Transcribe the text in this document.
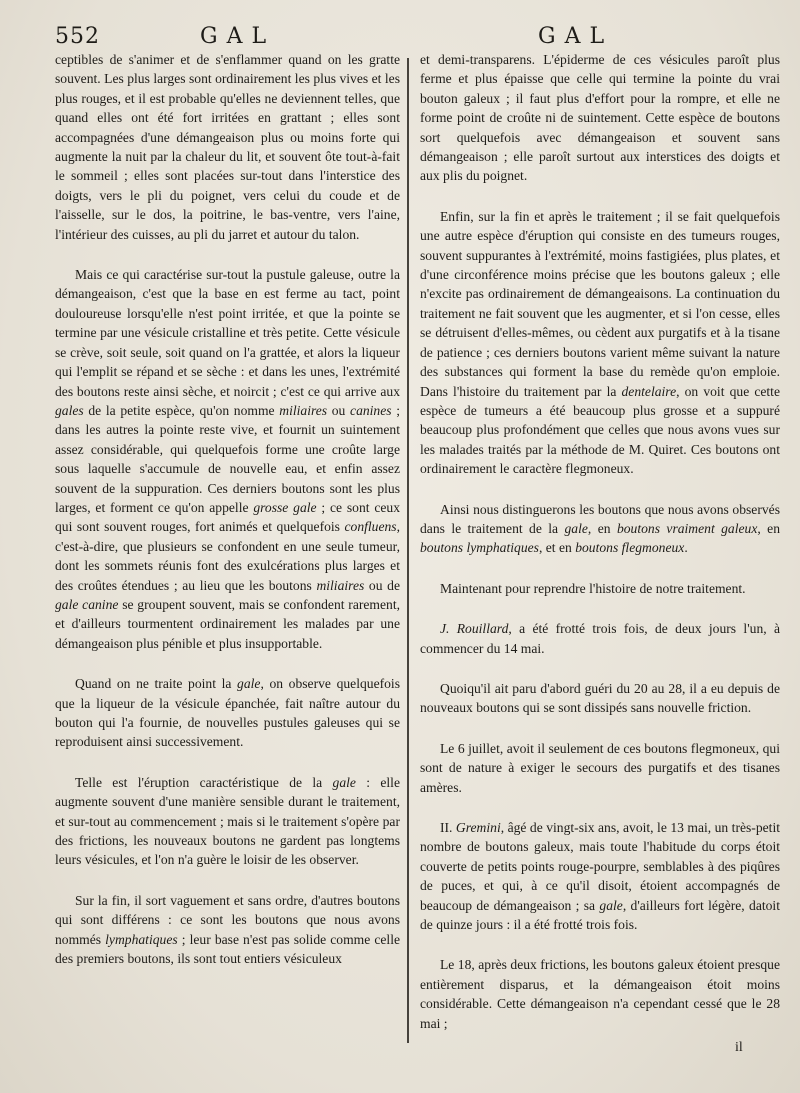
552	GAL	GAL

ceptibles de s'animer et de s'enflammer quand on les gratte souvent. Les plus larges sont ordinairement les plus vives et les plus rouges, et il est probable qu'elles ne deviennent telles, que quand elles ont été fort irritées en grattant ; elles sont accompagnées d'une démangeaison plus ou moins forte qui augmente la nuit par la chaleur du lit, et souvent ôte tout-à-fait le sommeil ; elles sont placées sur-tout dans l'interstice des doigts, vers le pli du poignet, vers celui du coude et de l'aisselle, sur le dos, la poitrine, le bas-ventre, vers l'aine, l'intérieur des cuisses, au pli du jarret et autour du talon.

Mais ce qui caractérise sur-tout la pustule galeuse, outre la démangeaison, c'est que la base en est ferme au tact, point douloureuse lorsqu'elle n'est point irritée, et que la pointe se termine par une vésicule cristalline et très petite. Cette vésicule se crève, soit seule, soit quand on l'a grattée, et alors la liqueur qui l'emplit se répand et se sèche : et dans les unes, l'extrémité des boutons reste ainsi sèche, et noircit ; c'est ce qui arrive aux gales de la petite espèce, qu'on nomme miliaires ou canines ; dans les autres la pointe reste vive, et fournit un suintement assez considérable, qui quelquefois forme une croûte large sous laquelle s'accumule de nouvelle eau, et enfin assez souvent de la suppuration. Ces derniers boutons sont les plus larges, et forment ce qu'on appelle grosse gale ; ce sont ceux qui sont souvent rouges, fort animés et quelquefois confluens, c'est-à-dire, que plusieurs se confondent en une seule tumeur, dont les sommets réunis font des exulcérations plus larges et des croûtes étendues ; au lieu que les boutons miliaires ou de gale canine se groupent souvent, mais se confondent rarement, et d'ailleurs tourmentent ordinairement les malades par une démangeaison plus pénible et plus insupportable.

Quand on ne traite point la gale, on observe quelquefois que la liqueur de la vésicule épanchée, fait naître autour du bouton qui l'a fournie, de nouvelles pustules galeuses qui se reproduisent ainsi successivement.

Telle est l'éruption caractéristique de la gale : elle augmente souvent d'une manière sensible durant le traitement, et sur-tout au commencement ; mais si le traitement s'opère par des frictions, les nouveaux boutons ne gardent pas longtems leurs vésicules, et l'on n'a guère le loisir de les observer.

Sur la fin, il sort vaguement et sans ordre, d'autres boutons qui sont différens : ce sont les boutons que nous avons nommés lymphatiques ; leur base n'est pas solide comme celle des premiers boutons, ils sont tout entiers vésiculeux

et demi-transparens. L'épiderme de ces vésicules paroît plus ferme et plus épaisse que celle qui termine la pointe du vrai bouton galeux ; il faut plus d'effort pour la rompre, et elle ne forme point de croûte ni de suintement. Cette espèce de boutons sort quelquefois avec démangeaison et souvent sans démangeaison ; elle paroît surtout aux interstices des doigts et aux plis du poignet.

Enfin, sur la fin et après le traitement ; il se fait quelquefois une autre espèce d'éruption qui consiste en des tumeurs rouges, souvent suppurantes à l'extrémité, moins fastigiées, plus plates, et d'une circonférence moins précise que les boutons galeux ; elle n'excite pas ordinairement de démangeaisons. La continuation du traitement ne fait souvent que les augmenter, et si l'on cesse, elles se détruisent d'elles-mêmes, ou cèdent aux purgatifs et à la tisane de patience ; ces derniers boutons varient même suivant la nature des substances qui forment la base du remède qu'on emploie. Dans l'histoire du traitement par la dentelaire, on voit que cette espèce de tumeurs a été beaucoup plus grosse et a suppuré beaucoup plus profondément que celles que nous avons vues sur les malades traités par la méthode de M. Quiret. Ces boutons ont ordinairement le caractère flegmoneux.

Ainsi nous distinguerons les boutons que nous avons observés dans le traitement de la gale, en boutons vraiment galeux, en boutons lymphatiques, et en boutons flegmoneux.

Maintenant pour reprendre l'histoire de notre traitement.

J. Rouillard, a été frotté trois fois, de deux jours l'un, à commencer du 14 mai.

Quoiqu'il ait paru d'abord guéri du 20 au 28, il a eu depuis de nouveaux boutons qui se sont dissipés sans nouvelle friction.

Le 6 juillet, avoit il seulement de ces boutons flegmoneux, qui sont de nature à exiger le secours des purgatifs et des tisanes amères.

II. Gremini, âgé de vingt-six ans, avoit, le 13 mai, un très-petit nombre de boutons galeux, mais toute l'habitude du corps étoit couverte de petits points rouge-pourpre, semblables à des piqûres de puces, et qui, à ce qu'il disoit, étoient accompagnés de beaucoup de démangeaison ; sa gale, d'ailleurs fort légère, datoit de quinze jours : il a été frotté trois fois.

Le 18, après deux frictions, les boutons galeux étoient presque entièrement disparus, et la démangeaison étoit moins considérable. Cette démangeaison n'a cependant cessé que le 28 mai ;

il
